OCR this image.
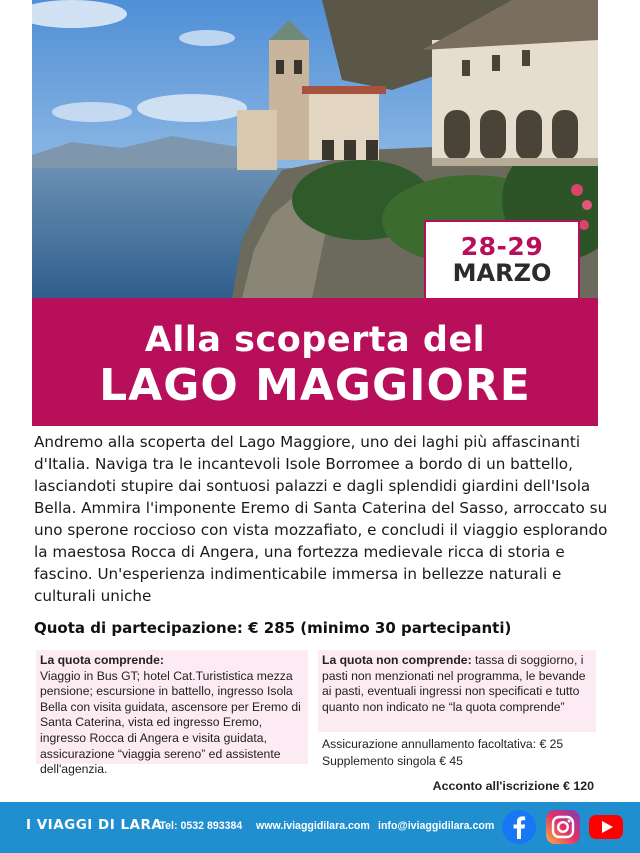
28-29
MARZO
Alla scoperta del
LAGO MAGGIORE

Andremo alla scoperta del Lago Maggiore, uno dei laghi più affascinanti d'Italia. Naviga tra le incantevoli Isole Borromee a bordo di un battello, lasciandoti stupire dai sontuosi palazzi e dagli splendidi giardini dell'Isola Bella. Ammira l'imponente Eremo di Santa Caterina del Sasso, arroccato su uno sperone roccioso con vista mozzafiato, e concludi il viaggio esplorando la maestosa Rocca di Angera, una fortezza medievale ricca di storia e fascino. Un'esperienza indimenticabile immersa in bellezze naturali e culturali uniche

Quota di partecipazione: € 285 (minimo 30 partecipanti)
La quota comprende:
Viaggio in Bus GT; hotel Cat.Turististica mezza pensione; escursione in battello, ingresso Isola Bella con visita guidata, ascensore per Eremo di Santa Caterina, vista ed ingresso Eremo, ingresso Rocca di Angera e visita guidata, assicurazione “viaggia sereno” ed assistente dell'agenzia.
La quota non comprende: tassa di soggiorno, i pasti non menzionati nel programma, le bevande ai pasti, eventuali ingressi non specificati e tutto quanto non indicato ne “la quota comprende”
Assicurazione annullamento facoltativa: € 25
Supplemento singola € 45
Acconto all'iscrizione € 120
I VIAGGI DI LARA
- Tel: 0532 893384 www.iviaggidilara.com info@iviaggidilara.com
